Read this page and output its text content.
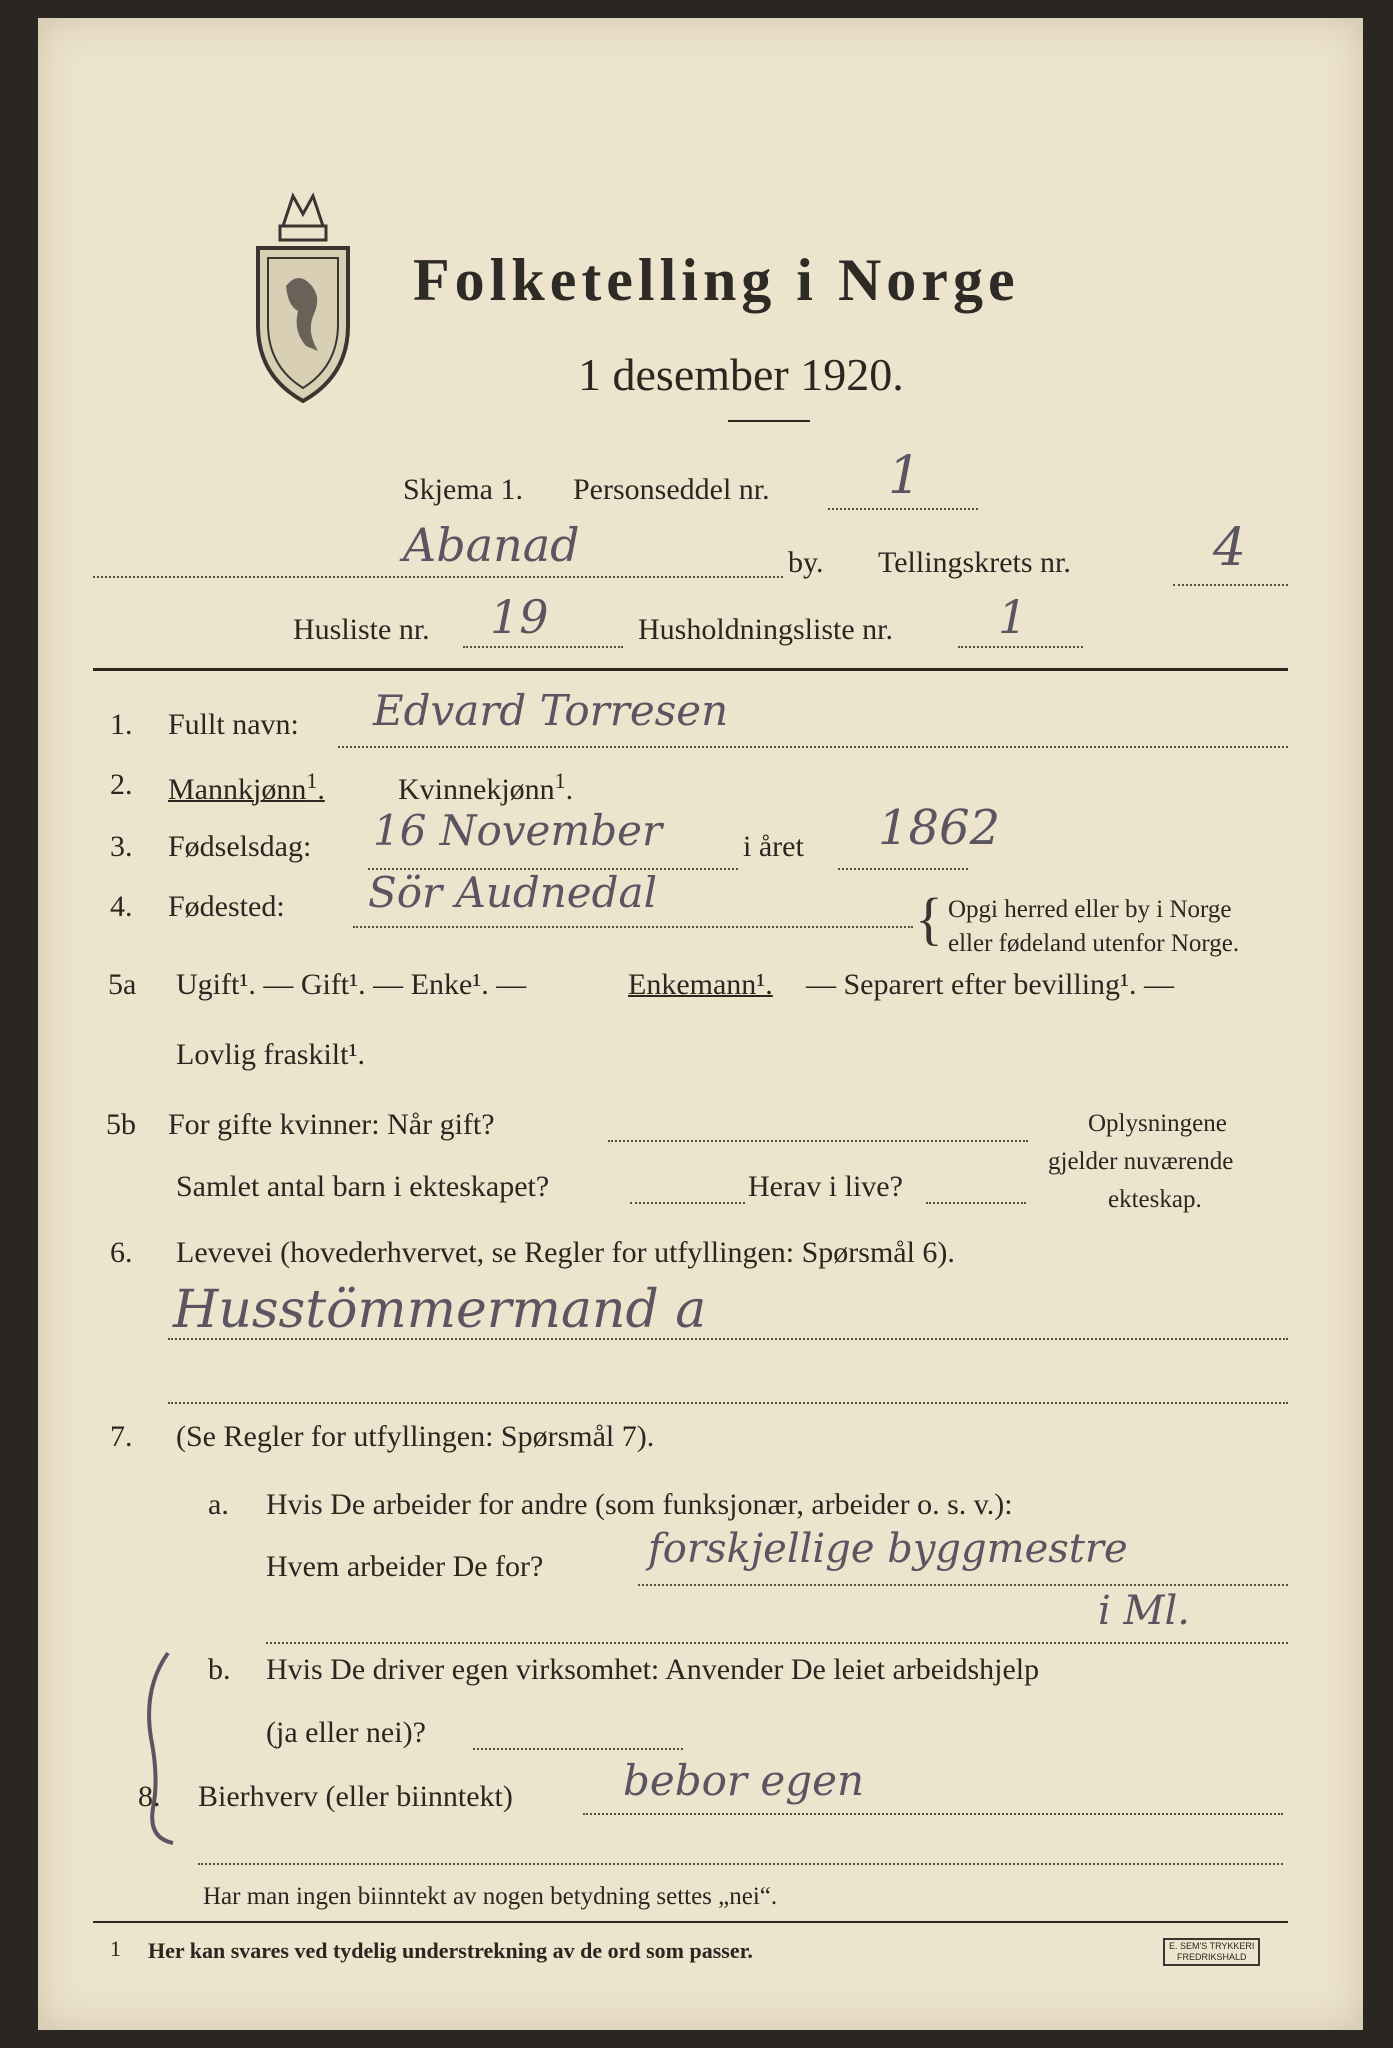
Folketelling i Norge
1 desember 1920.
Skjema 1. Personseddel nr. 1
Abanad	by. Tellingskrets nr.	4
Husliste nr. 19	Husholdningsliste nr. 1
1. Fullt navn: Edvard Torresen
2. Mannkjønn$^1$. Kvinnekjønn$^1$.
3. Fødselsdag: 16 November	i året 1862
4. Fødested: Sör Audnedal	{ Opgi herred eller by i Norge
eller fødeland utenfor Norge.
5a Ugift¹. — Gift¹. — Enke¹. —	Enkemann¹. — Separert efter bevilling¹. —
Lovlig fraskilt¹.
5b For gifte kvinner: Når gift?
Samlet antal barn i ekteskapet?	Herav i live?
Oplysningene
gjelder nuværende
ekteskap.
6. Levevei (hovederhvervet, se Regler for utfyllingen: Spørsmål 6).
Husstömmermand a
7. (Se Regler for utfyllingen: Spørsmål 7).
a. Hvis De arbeider for andre (som funksjonær, arbeider o. s. v.):
Hvem arbeider De for?	forskjellige byggmestre
i Ml.
b. Hvis De driver egen virksomhet: Anvender De leiet arbeidshjelp
(ja eller nei)?
8. Bierhverv (eller biinntekt)	bebor egen
Har man ingen biinntekt av nogen betydning settes „nei“.
1 Her kan svares ved tydelig understrekning av de ord som passer.	E. SEM'S TRYKKERI
FREDRIKSHALD
